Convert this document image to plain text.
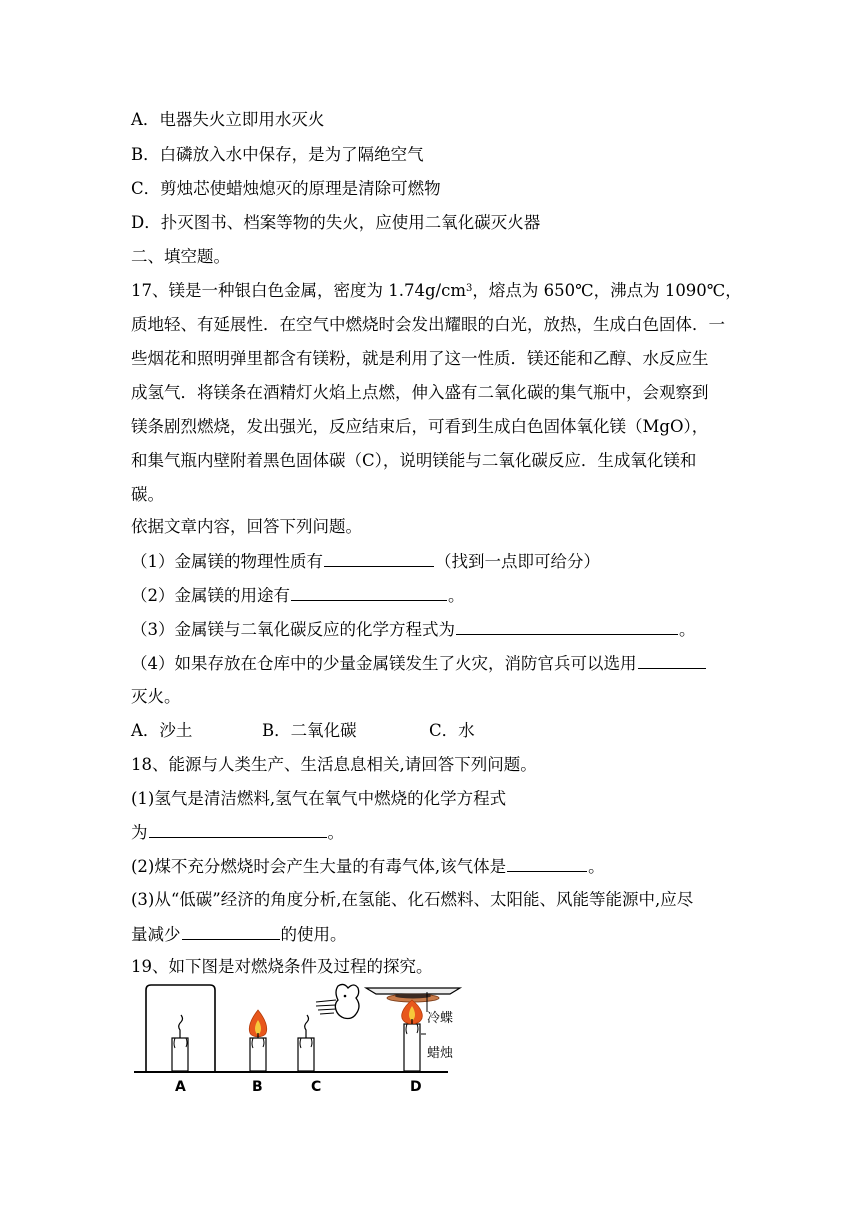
A．电器失火立即用水灭火
B．白磷放入水中保存，是为了隔绝空气
C．剪烛芯使蜡烛熄灭的原理是清除可燃物
D．扑灭图书、档案等物的失火，应使用二氧化碳灭火器
二、填空题。
17、镁是一种银白色金属，密度为 $1.74g/cm^3$，熔点为 650℃，沸点为 1090℃，
质地轻、有延展性．在空气中燃烧时会发出耀眼的白光，放热，生成白色固体．一
些烟花和照明弹里都含有镁粉，就是利用了这一性质．镁还能和乙醇、水反应生
成氢气．将镁条在酒精灯火焰上点燃，伸入盛有二氧化碳的集气瓶中，会观察到
镁条剧烈燃烧，发出强光，反应结束后，可看到生成白色固体氧化镁（MgO），
和集气瓶内壁附着黑色固体碳（C），说明镁能与二氧化碳反应．生成氧化镁和
碳。
依据文章内容，回答下列问题。
（1）金属镁的物理性质有	（找到一点即可给分）
（2）金属镁的用途有	。
（3）金属镁与二氧化碳反应的化学方程式为	。
（4）如果存放在仓库中的少量金属镁发生了火灾，消防官兵可以选用
灭火。
A．沙土	B．二氧化碳	C．水
18、能源与人类生产、生活息息相关,请回答下列问题。
(1)氢气是清洁燃料,氢气在氧气中燃烧的化学方程式
为	。
(2)煤不充分燃烧时会产生大量的有毒气体,该气体是	。
(3)从“低碳”经济的角度分析,在氢能、化石燃料、太阳能、风能等能源中,应尽
量减少	的使用。
19、如下图是对燃烧条件及过程的探究。
冷蝶
蜡烛
A	B	C	D
